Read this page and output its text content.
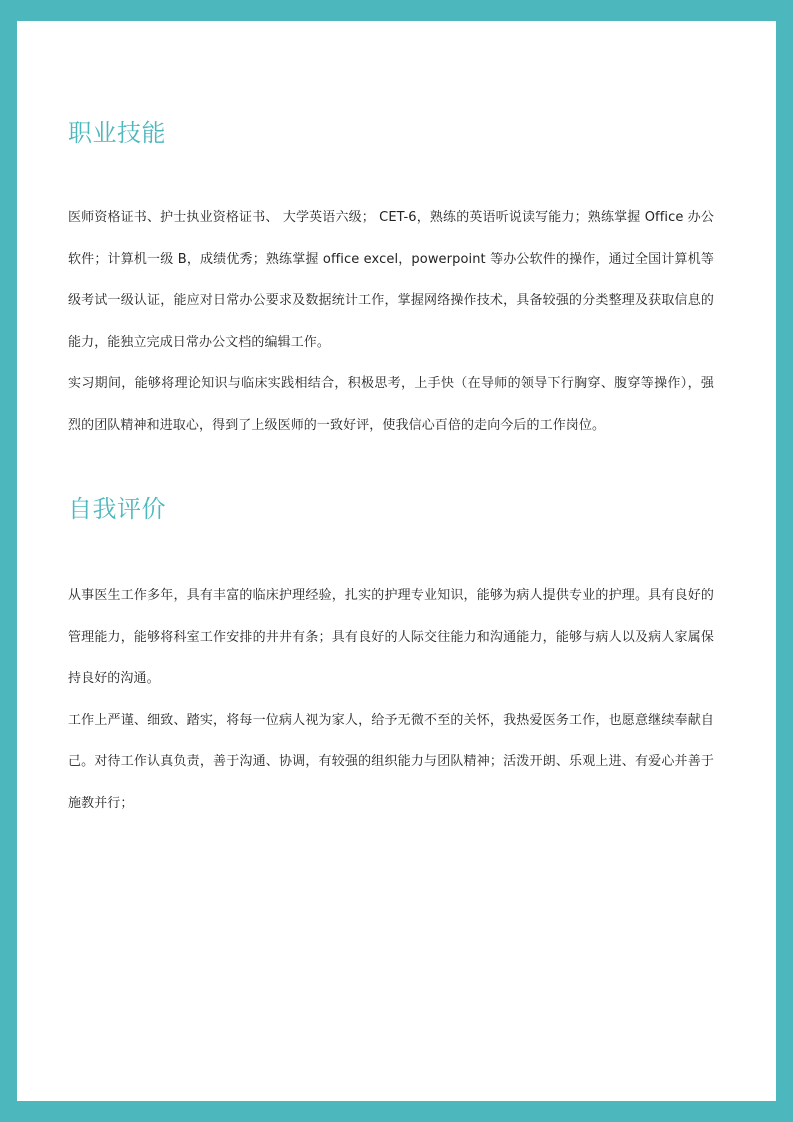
职业技能

医师资格证书、护士执业资格证书、 大学英语六级； CET-6，熟练的英语听说读写能力；熟练掌握 Office 办公软件；计算机一级 B，成绩优秀；熟练掌握 office excel，powerpoint 等办公软件的操作，通过全国计算机等级考试一级认证，能应对日常办公要求及数据统计工作，掌握网络操作技术，具备较强的分类整理及获取信息的能力，能独立完成日常办公文档的编辑工作。

实习期间，能够将理论知识与临床实践相结合，积极思考，上手快（在导师的领导下行胸穿、腹穿等操作），强烈的团队精神和进取心，得到了上级医师的一致好评，使我信心百倍的走向今后的工作岗位。

自我评价

从事医生工作多年，具有丰富的临床护理经验，扎实的护理专业知识，能够为病人提供专业的护理。具有良好的管理能力，能够将科室工作安排的井井有条；具有良好的人际交往能力和沟通能力，能够与病人以及病人家属保持良好的沟通。

工作上严谨、细致、踏实，将每一位病人视为家人，给予无微不至的关怀，我热爱医务工作，也愿意继续奉献自己。对待工作认真负责，善于沟通、协调，有较强的组织能力与团队精神；活泼开朗、乐观上进、有爱心并善于施教并行；
